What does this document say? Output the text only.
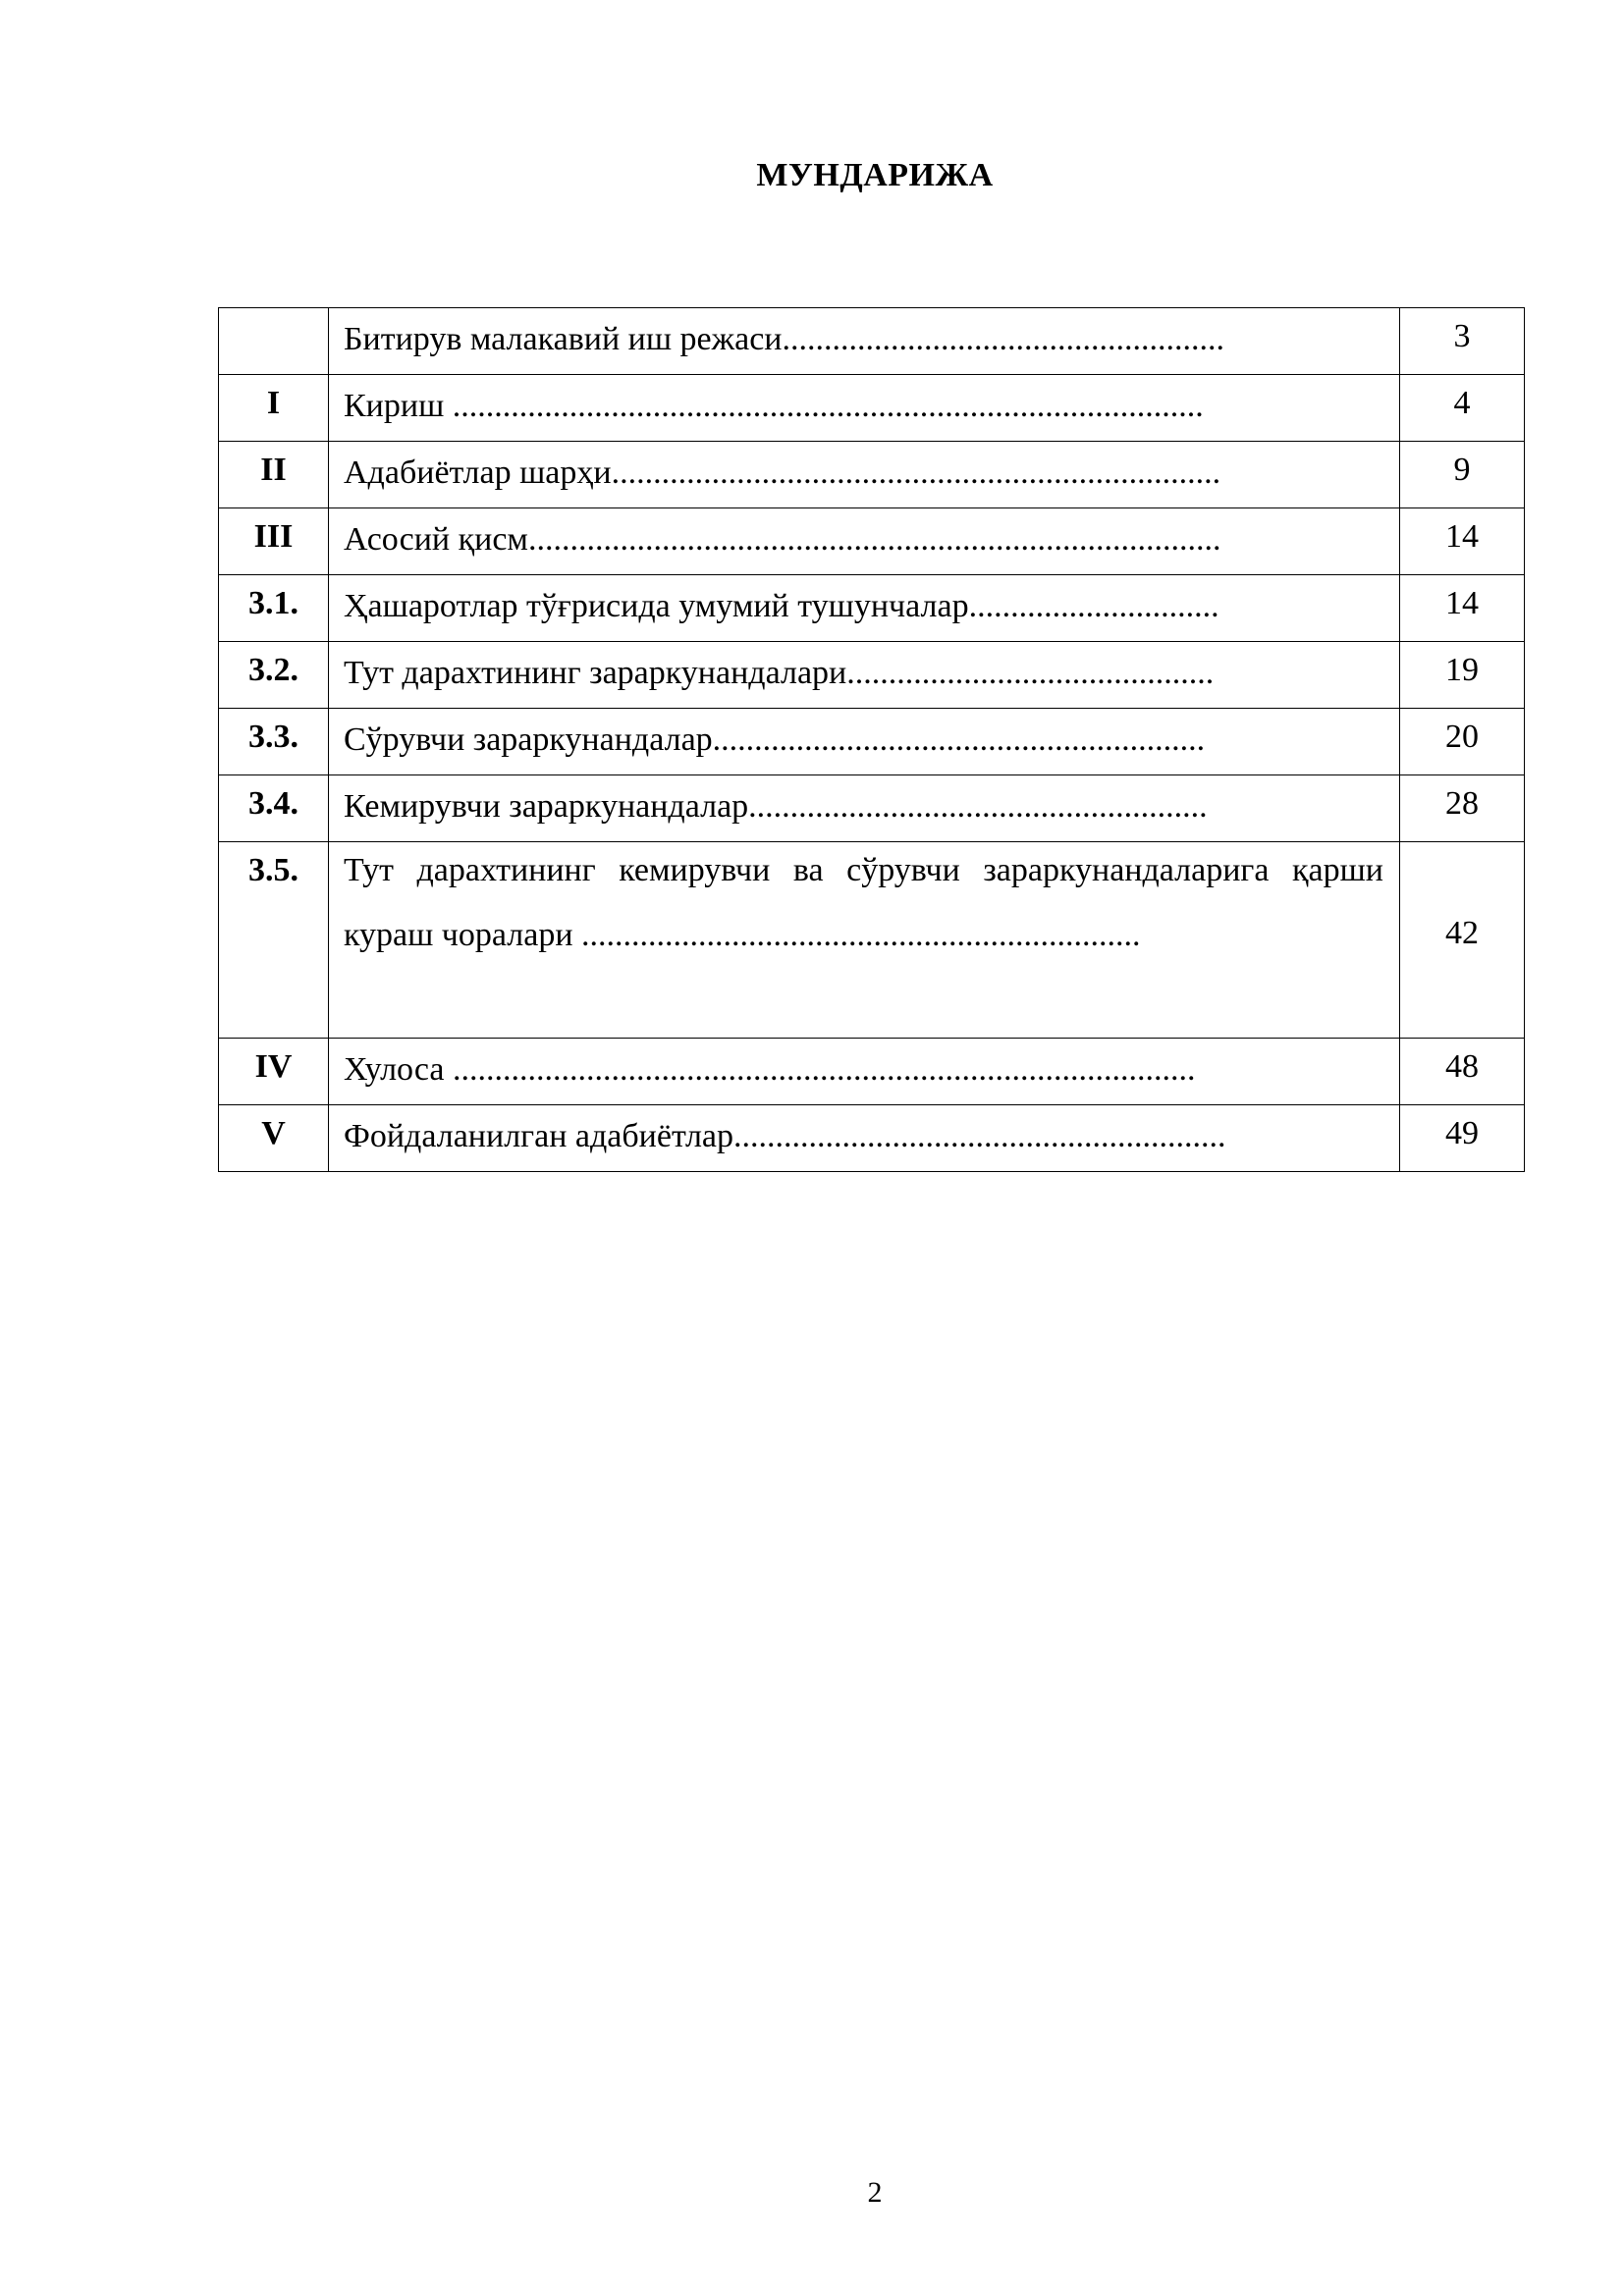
МУНДАРИЖА
	Битирув малакавий иш режаси.....................................................	3
I	Кириш ..........................................................................................	4
II	Адабиётлар шарҳи.........................................................................	9
III	Асосий қисм...................................................................................	14
3.1.	Ҳашаротлар тўғрисида умумий тушунчалар..............................	14
3.2.	Тут дарахтининг зараркунандалари............................................	19
3.3.	Сўрувчи зараркунандалар...........................................................	20
3.4.	Кемирувчи зараркунандалар.......................................................	28
3.5.	Тут дарахтининг кемирувчи ва сўрувчи зараркунандаларига қарши кураш чоралари ...................................................................	42
IV	Хулоса .........................................................................................	48
V	Фойдаланилган адабиётлар...........................................................	49
2
